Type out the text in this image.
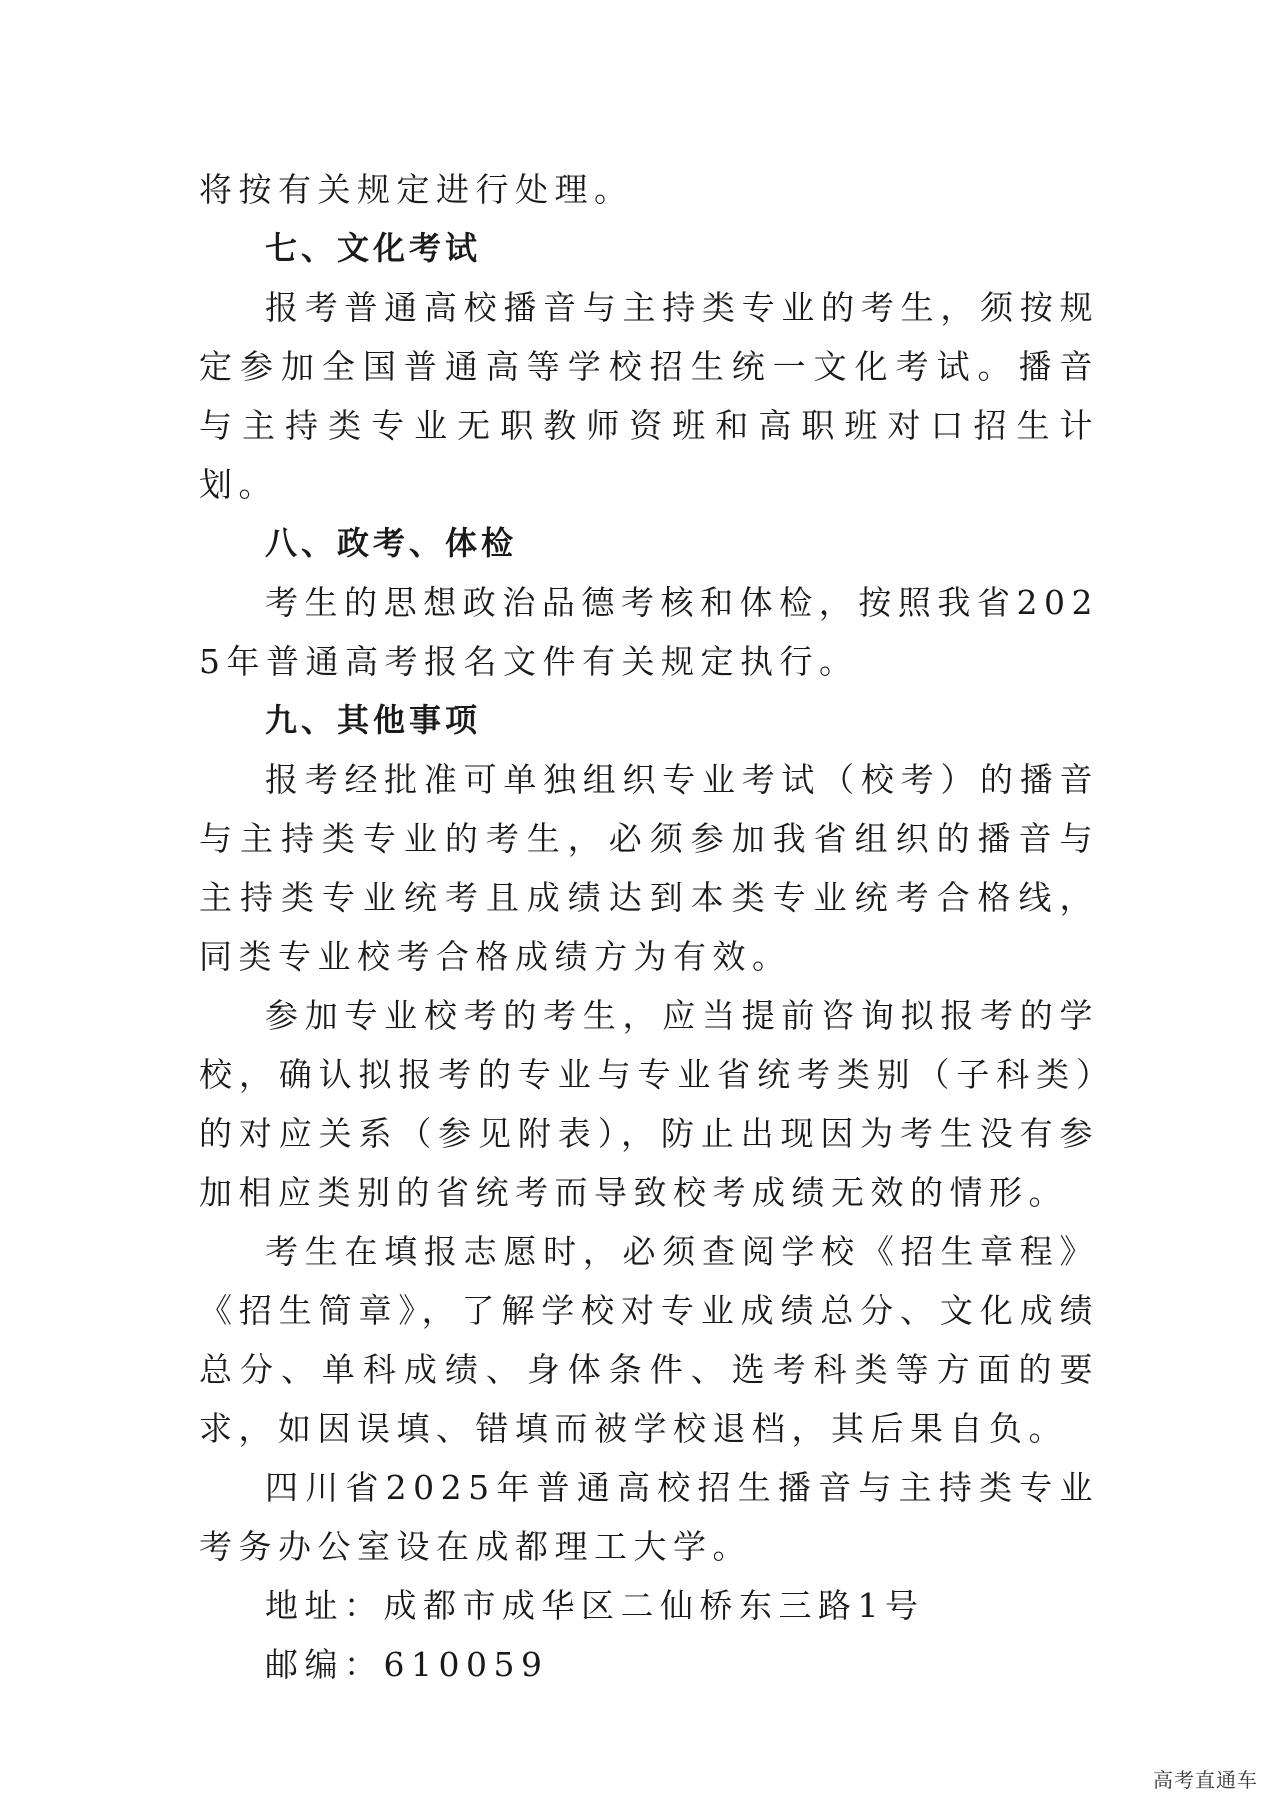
将按有关规定进行处理。

七、文化考试

报考普通高校播音与主持类专业的考生，须按规定参加全国普通高等学校招生统一文化考试。播音与主持类专业无职教师资班和高职班对口招生计划。

八、政考、体检

考生的思想政治品德考核和体检，按照我省2025年普通高考报名文件有关规定执行。

九、其他事项

报考经批准可单独组织专业考试（校考）的播音与主持类专业的考生，必须参加我省组织的播音与主持类专业统考且成绩达到本类专业统考合格线，同类专业校考合格成绩方为有效。

参加专业校考的考生，应当提前咨询拟报考的学校，确认拟报考的专业与专业省统考类别（子科类）的对应关系（参见附表），防止出现因为考生没有参加相应类别的省统考而导致校考成绩无效的情形。

考生在填报志愿时，必须查阅学校《招生章程》《招生简章》，了解学校对专业成绩总分、文化成绩总分、单科成绩、身体条件、选考科类等方面的要求，如因误填、错填而被学校退档，其后果自负。

四川省2025年普通高校招生播音与主持类专业考务办公室设在成都理工大学。

地址：成都市成华区二仙桥东三路1号

邮编：610059

高考直通车
